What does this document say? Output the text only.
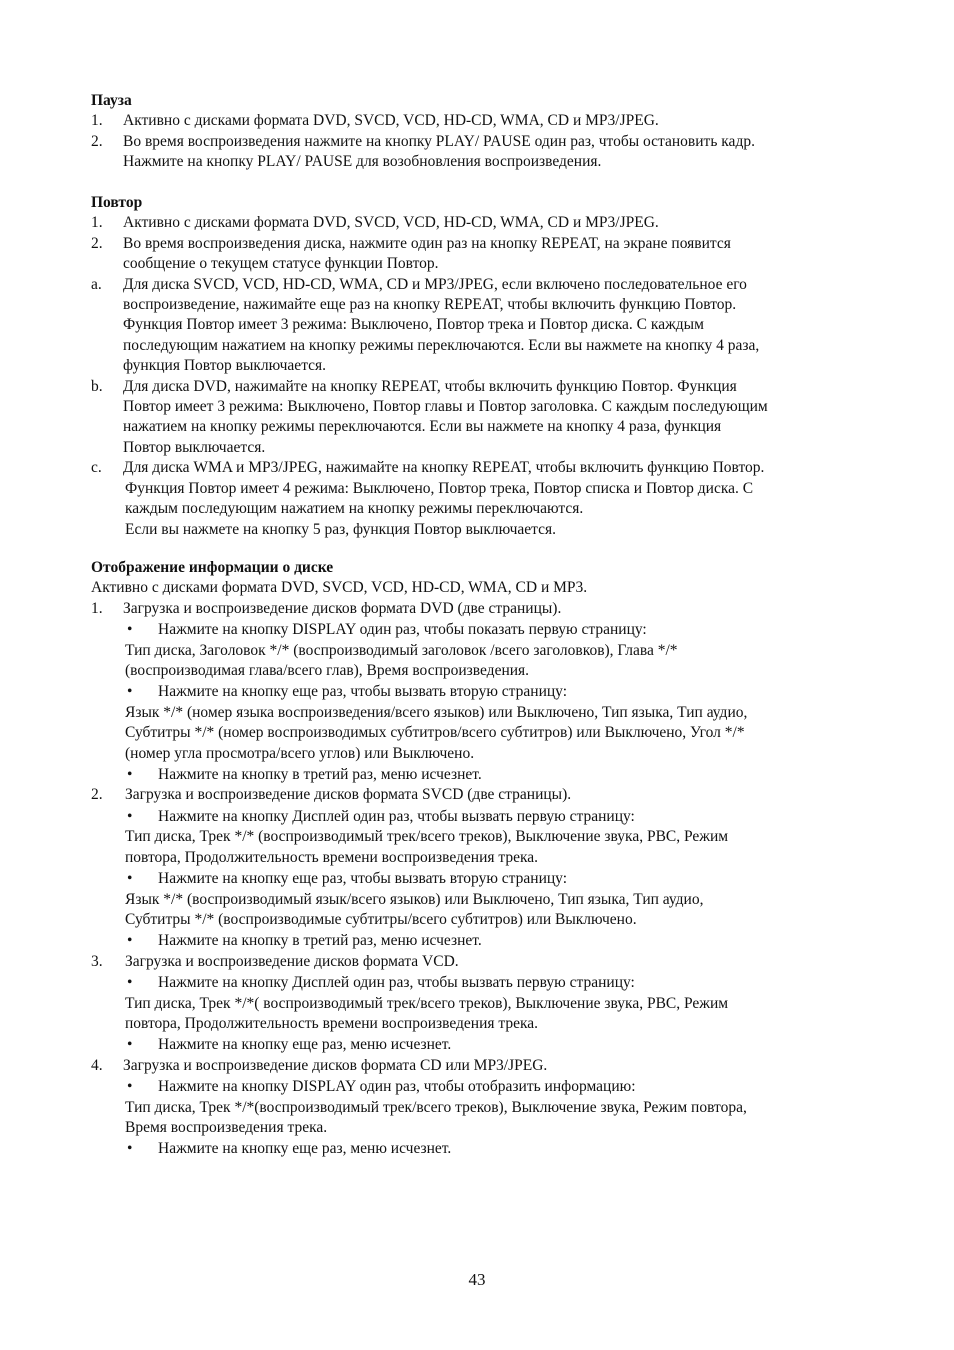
Пауза
1. Активно с дисками формата DVD, SVCD, VCD, HD-CD, WMA, CD и MP3/JPEG.
2. Во время воспроизведения нажмите на кнопку PLAY/ PAUSE один раз, чтобы остановить кадр.
Нажмите на кнопку PLAY/ PAUSE для возобновления воспроизведения.
Повтор
1. Активно с дисками формата DVD, SVCD, VCD, HD-CD, WMA, CD и MP3/JPEG.
2. Во время воспроизведения диска, нажмите один раз на кнопку REPEAT, на экране появится
сообщение о текущем статусе функции Повтор.
a. Для диска SVCD, VCD, HD-CD, WMA, CD и MP3/JPEG, если включено последовательное его
воспроизведение, нажимайте еще раз на кнопку REPEAT, чтобы включить функцию Повтор.
Функция Повтор имеет 3 режима: Выключено, Повтор трека и Повтор диска. С каждым
последующим нажатием на кнопку режимы переключаются. Если вы нажмете на кнопку 4 раза,
функция Повтор выключается.
b. Для диска DVD, нажимайте на кнопку REPEAT, чтобы включить функцию Повтор. Функция
Повтор имеет 3 режима: Выключено, Повтор главы и Повтор заголовка. С каждым последующим
нажатием на кнопку режимы переключаются. Если вы нажмете на кнопку 4 раза, функция
Повтор выключается.
c. Для диска WMA и MP3/JPEG, нажимайте на кнопку REPEAT, чтобы включить функцию Повтор.
Функция Повтор имеет 4 режима: Выключено, Повтор трека, Повтор списка и Повтор диска. С
каждым последующим нажатием на кнопку режимы переключаются.
Если вы нажмете на кнопку 5 раз, функция Повтор выключается.
Отображение информации о диске
Активно с дисками формата DVD, SVCD, VCD, HD-CD, WMA, CD и MP3.
1. Загрузка и воспроизведение дисков формата DVD (две страницы).
• Нажмите на кнопку DISPLAY один раз, чтобы показать первую страницу:
Тип диска, Заголовок */* (воспроизводимый заголовок /всего заголовков), Глава */*
(воспроизводимая глава/всего глав), Время воспроизведения.
• Нажмите на кнопку еще раз, чтобы вызвать вторую страницу:
Язык */* (номер языка воспроизведения/всего языков) или Выключено, Тип языка, Тип аудио,
Субтитры */* (номер воспроизводимых субтитров/всего субтитров) или Выключено, Угол */*
(номер угла просмотра/всего углов) или Выключено.
• Нажмите на кнопку в третий раз, меню исчезнет.
2. Загрузка и воспроизведение дисков формата SVCD (две страницы).
• Нажмите на кнопку Дисплей один раз, чтобы вызвать первую страницу:
Тип диска, Трек */* (воспроизводимый трек/всего треков), Выключение звука, PBC, Режим
повтора, Продолжительность времени воспроизведения трека.
• Нажмите на кнопку еще раз, чтобы вызвать вторую страницу:
Язык */* (воспроизводимый язык/всего языков) или Выключено, Тип языка, Тип аудио,
Субтитры */* (воспроизводимые субтитры/всего субтитров) или Выключено.
• Нажмите на кнопку в третий раз, меню исчезнет.
3. Загрузка и воспроизведение дисков формата VCD.
• Нажмите на кнопку Дисплей один раз, чтобы вызвать первую страницу:
Тип диска, Трек */*( воспроизводимый трек/всего треков), Выключение звука, PBC, Режим
повтора, Продолжительность времени воспроизведения трека.
• Нажмите на кнопку еще раз, меню исчезнет.
4. Загрузка и воспроизведение дисков формата CD или MP3/JPEG.
• Нажмите на кнопку DISPLAY один раз, чтобы отобразить информацию:
Тип диска, Трек */*(воспроизводимый трек/всего треков), Выключение звука, Режим повтора,
Время воспроизведения трека.
• Нажмите на кнопку еще раз, меню исчезнет.
43
